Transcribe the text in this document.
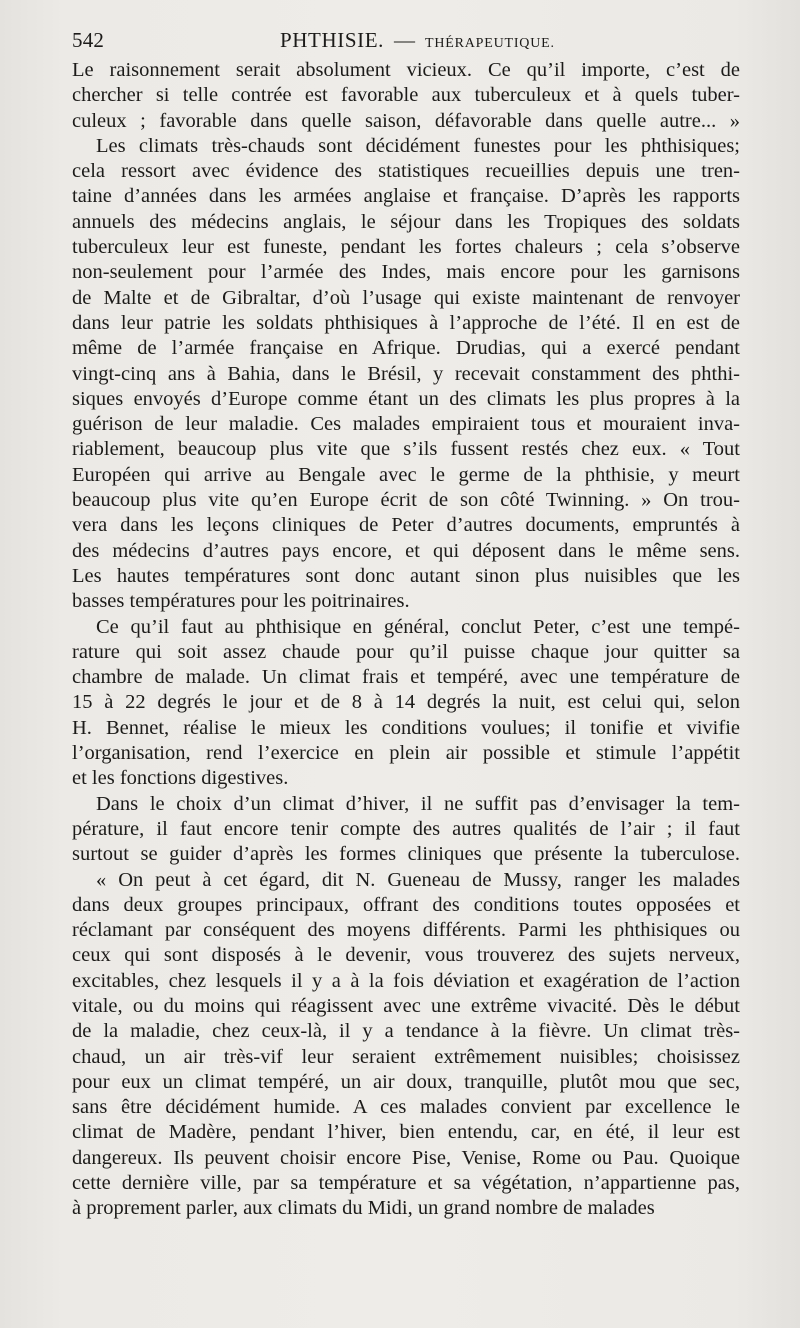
542	PHTHISIE. — THÉRAPEUTIQUE.
Le raisonnement serait absolument vicieux. Ce qu’il importe, c’est de
chercher si telle contrée est favorable aux tuberculeux et à quels tuber-
culeux ; favorable dans quelle saison, défavorable dans quelle autre... »
Les climats très-chauds sont décidément funestes pour les phthisiques;
cela ressort avec évidence des statistiques recueillies depuis une tren-
taine d’années dans les armées anglaise et française. D’après les rapports
annuels des médecins anglais, le séjour dans les Tropiques des soldats
tuberculeux leur est funeste, pendant les fortes chaleurs ; cela s’observe
non-seulement pour l’armée des Indes, mais encore pour les garnisons
de Malte et de Gibraltar, d’où l’usage qui existe maintenant de renvoyer
dans leur patrie les soldats phthisiques à l’approche de l’été. Il en est de
même de l’armée française en Afrique. Drudias, qui a exercé pendant
vingt-cinq ans à Bahia, dans le Brésil, y recevait constamment des phthi-
siques envoyés d’Europe comme étant un des climats les plus propres à la
guérison de leur maladie. Ces malades empiraient tous et mouraient inva-
riablement, beaucoup plus vite que s’ils fussent restés chez eux. « Tout
Européen qui arrive au Bengale avec le germe de la phthisie, y meurt
beaucoup plus vite qu’en Europe écrit de son côté Twinning. » On trou-
vera dans les leçons cliniques de Peter d’autres documents, empruntés à
des médecins d’autres pays encore, et qui déposent dans le même sens.
Les hautes températures sont donc autant sinon plus nuisibles que les
basses températures pour les poitrinaires.
Ce qu’il faut au phthisique en général, conclut Peter, c’est une tempé-
rature qui soit assez chaude pour qu’il puisse chaque jour quitter sa
chambre de malade. Un climat frais et tempéré, avec une température de
15 à 22 degrés le jour et de 8 à 14 degrés la nuit, est celui qui, selon
H. Bennet, réalise le mieux les conditions voulues; il tonifie et vivifie
l’organisation, rend l’exercice en plein air possible et stimule l’appétit
et les fonctions digestives.
Dans le choix d’un climat d’hiver, il ne suffit pas d’envisager la tem-
pérature, il faut encore tenir compte des autres qualités de l’air ; il faut
surtout se guider d’après les formes cliniques que présente la tuberculose.
« On peut à cet égard, dit N. Gueneau de Mussy, ranger les malades
dans deux groupes principaux, offrant des conditions toutes opposées et
réclamant par conséquent des moyens différents. Parmi les phthisiques ou
ceux qui sont disposés à le devenir, vous trouverez des sujets nerveux,
excitables, chez lesquels il y a à la fois déviation et exagération de l’action
vitale, ou du moins qui réagissent avec une extrême vivacité. Dès le début
de la maladie, chez ceux-là, il y a tendance à la fièvre. Un climat très-
chaud, un air très-vif leur seraient extrêmement nuisibles; choisissez
pour eux un climat tempéré, un air doux, tranquille, plutôt mou que sec,
sans être décidément humide. A ces malades convient par excellence le
climat de Madère, pendant l’hiver, bien entendu, car, en été, il leur est
dangereux. Ils peuvent choisir encore Pise, Venise, Rome ou Pau. Quoique
cette dernière ville, par sa température et sa végétation, n’appartienne pas,
à proprement parler, aux climats du Midi, un grand nombre de malades
